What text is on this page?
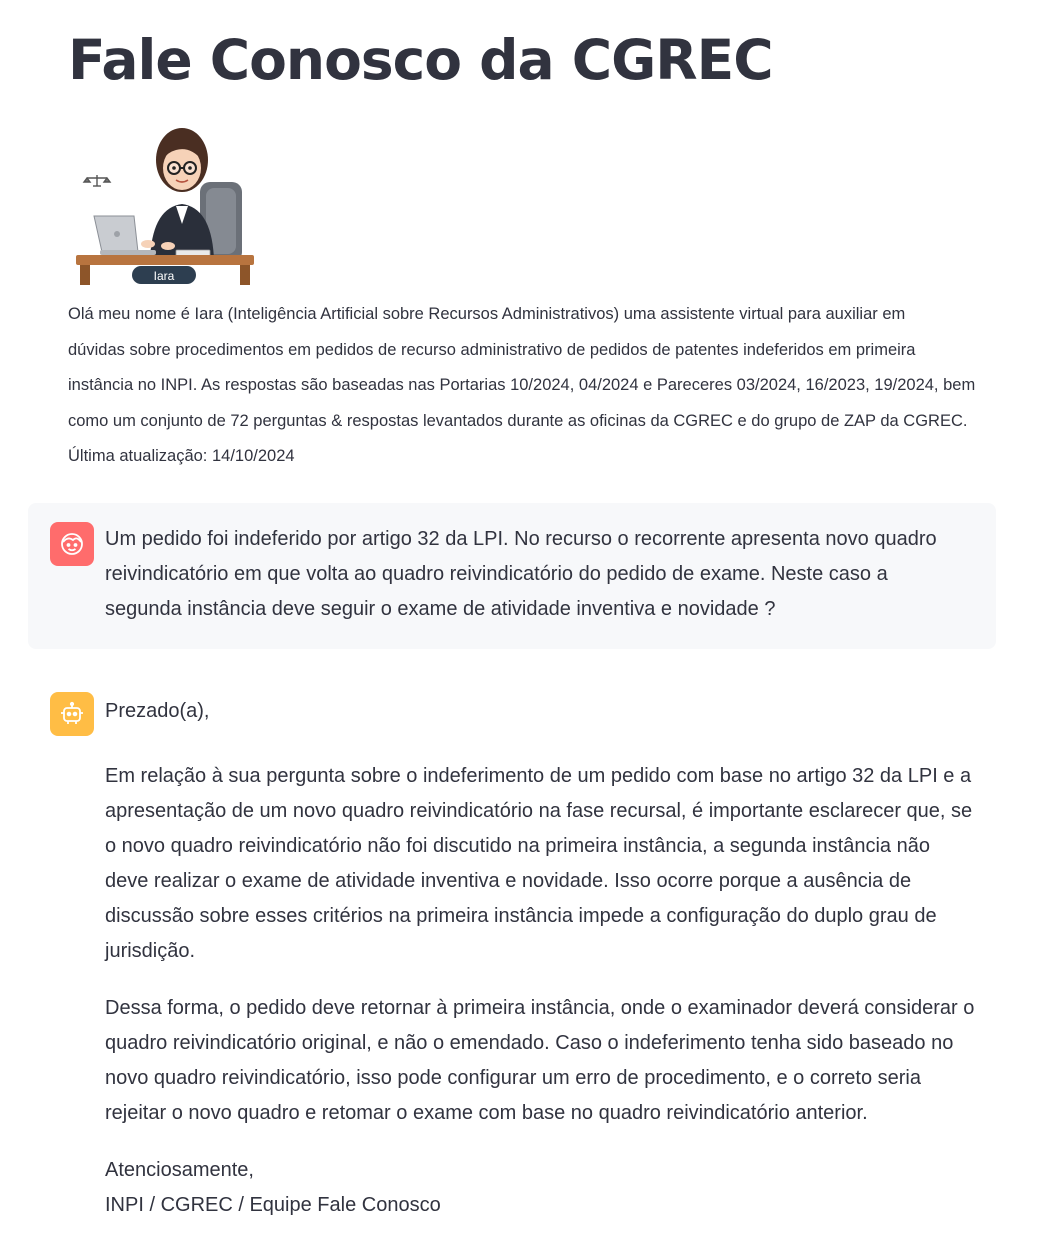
Fale Conosco da CGREC
Iara
Olá meu nome é Iara (Inteligência Artificial sobre Recursos Administrativos) uma assistente virtual para auxiliar em
dúvidas sobre procedimentos em pedidos de recurso administrativo de pedidos de patentes indeferidos em primeira
instância no INPI. As respostas são baseadas nas Portarias 10/2024, 04/2024 e Pareceres 03/2024, 16/2023, 19/2024, bem
como um conjunto de 72 perguntas & respostas levantados durante as oficinas da CGREC e do grupo de ZAP da CGREC.
Última atualização: 14/10/2024
Um pedido foi indeferido por artigo 32 da LPI. No recurso o recorrente apresenta novo quadro
reivindicatório em que volta ao quadro reivindicatório do pedido de exame. Neste caso a
segunda instância deve seguir o exame de atividade inventiva e novidade ?

Prezado(a),

Em relação à sua pergunta sobre o indeferimento de um pedido com base no artigo 32 da LPI e a
apresentação de um novo quadro reivindicatório na fase recursal, é importante esclarecer que, se
o novo quadro reivindicatório não foi discutido na primeira instância, a segunda instância não
deve realizar o exame de atividade inventiva e novidade. Isso ocorre porque a ausência de
discussão sobre esses critérios na primeira instância impede a configuração do duplo grau de
jurisdição.

Dessa forma, o pedido deve retornar à primeira instância, onde o examinador deverá considerar o
quadro reivindicatório original, e não o emendado. Caso o indeferimento tenha sido baseado no
novo quadro reivindicatório, isso pode configurar um erro de procedimento, e o correto seria
rejeitar o novo quadro e retomar o exame com base no quadro reivindicatório anterior.

Atenciosamente,
INPI / CGREC / Equipe Fale Conosco
